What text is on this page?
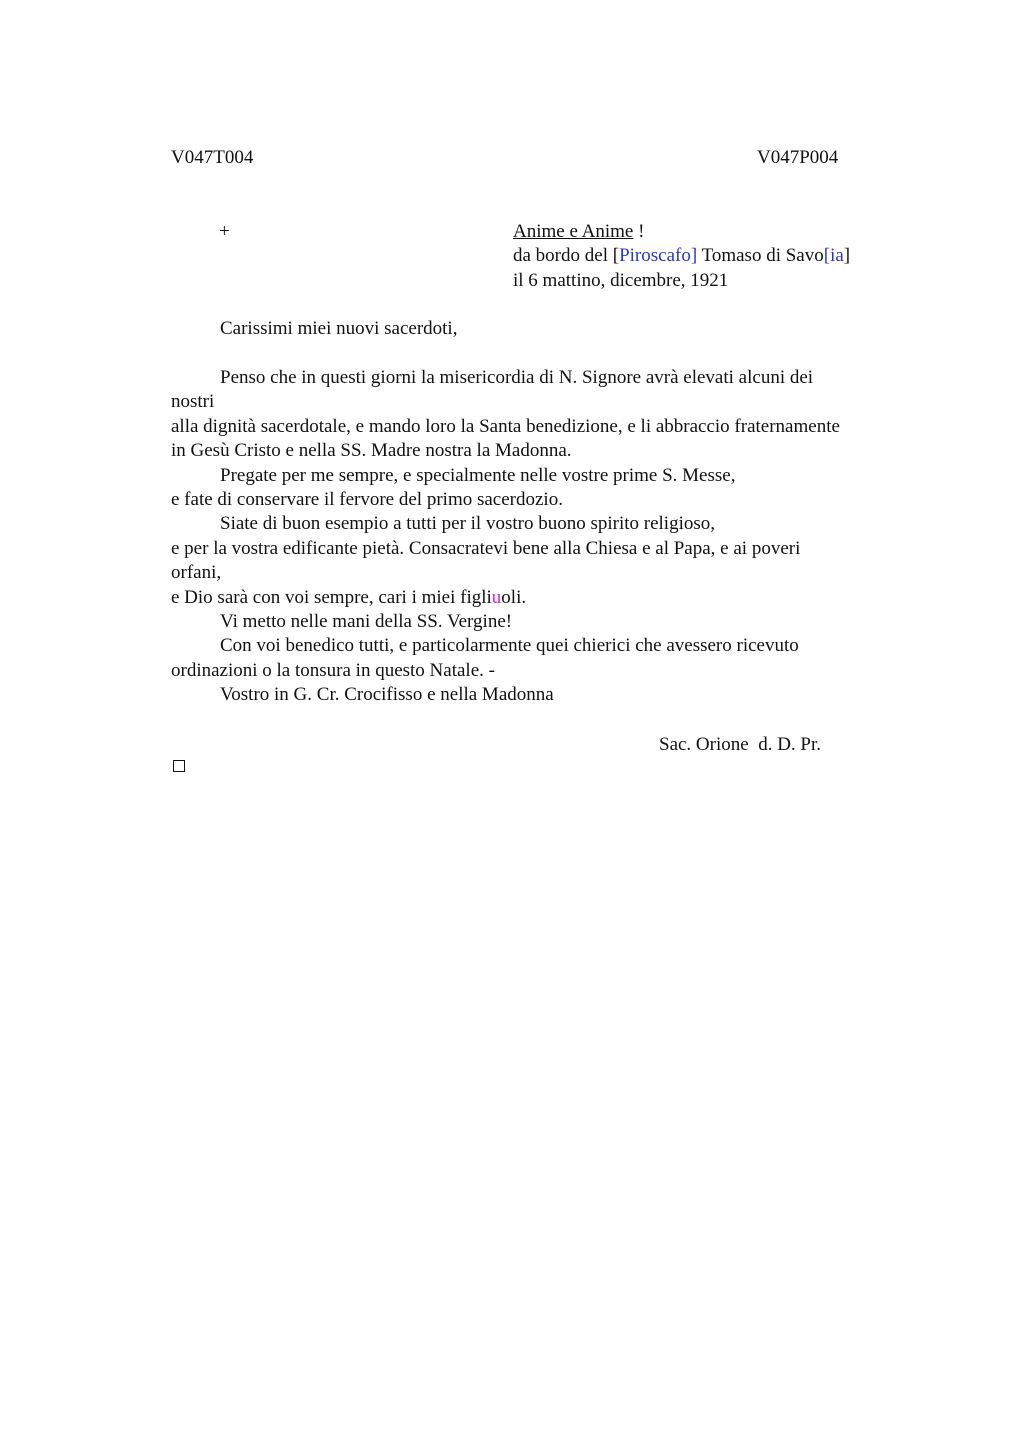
V047T004	V047P004
+	Anime e Anime !
da bordo del [Piroscafo] Tomaso di Savo[ia]
il 6 mattino, dicembre, 1921
Carissimi miei nuovi sacerdoti,
Penso che in questi giorni la misericordia di N. Signore avrà elevati alcuni dei
nostri
alla dignità sacerdotale, e mando loro la Santa benedizione, e li abbraccio fraternamente
in Gesù Cristo e nella SS. Madre nostra la Madonna.
Pregate per me sempre, e specialmente nelle vostre prime S. Messe,
e fate di conservare il fervore del primo sacerdozio.
Siate di buon esempio a tutti per il vostro buono spirito religioso,
e per la vostra edificante pietà. Consacratevi bene alla Chiesa e al Papa, e ai poveri
orfani,
e Dio sarà con voi sempre, cari i miei figliuoli.
Vi metto nelle mani della SS. Vergine!
Con voi benedico tutti, e particolarmente quei chierici che avessero ricevuto
ordinazioni o la tonsura in questo Natale. -
Vostro in G. Cr. Crocifisso e nella Madonna
Sac. Orione  d. D. Pr.
